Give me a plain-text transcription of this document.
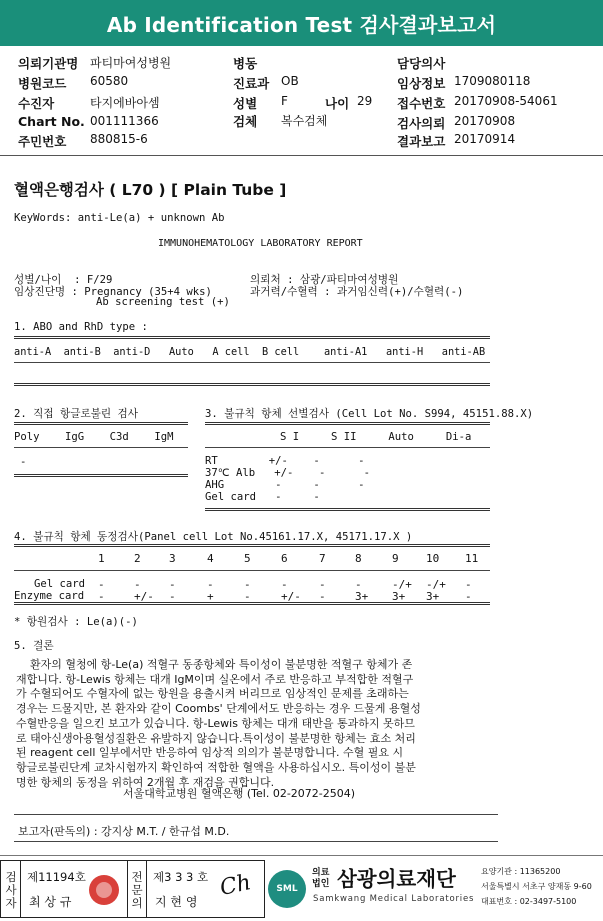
Ab Identification Test 검사결과보고서
의뢰기관명 파티마여성병원
병원코드 60580
수진자	타지에바아셈
Chart No. 001111366
주민번호 880815-6
병동
진료과 OB
성별 F	나이 29
검체 복수검체
담당의사
임상정보 1709080118
접수번호 20170908-54061
검사의뢰 20170908
결과보고 20170914
혈액은행검사 ( L70 ) [ Plain Tube ]
KeyWords: anti-Le(a) + unknown Ab
IMMUNOHEMATOLOGY LABORATORY REPORT
성별/나이  : F/29
임상진단명 : Pregnancy (35+4 wks)
Ab screening test (+)
의뢰처 : 삼광/파티마여성병원
과거력/수혈력 : 과거임신력(+)/수혈력(-)
1. ABO and RhD type :
anti-A  anti-B  anti-D   Auto   A cell  B cell    anti-A1   anti-H   anti-AB
2. 직접 항글로불린 검사
Poly    IgG    C3d    IgM
-
3. 불규칙 항체 선별검사 (Cell Lot No. S994, 45151.88.X)
S I     S II     Auto     Di-a
RT        +/-    -      -
37℃ Alb   +/-    -      -
AHG        -     -      -
Gel card   -     -
4. 불규칙 항체 동정검사(Panel cell Lot No.45161.17.X, 45171.17.X )
1	2	3	4	5	6	7	8	9 10 11
Gel card -	-	-	-	-	-	-	-	-/+ -/+ -
Enzyme card -	+/- -	+	-	+/- -	3+ 3+ 3+ -
* 항원검사 : Le(a)(-)
5. 결론
환자의 혈청에 항-Le(a) 적혈구 동종항체와 특이성이 불분명한 적혈구 항체가 존
재합니다. 항-Lewis 항체는 대개 IgM이며 실온에서 주로 반응하고 부적합한 적혈구
가 수혈되어도 수혈자에 없는 항원을 용출시켜 버리므로 임상적인 문제를 초래하는
경우는 드물지만, 본 환자와 같이 Coombs' 단계에서도 반응하는 경우 드물게 용혈성
수혈반응을 일으킨 보고가 있습니다. 항-Lewis 항체는 대개 태반을 통과하지 못하므
로 태아신생아용혈성질환은 유발하지 않습니다.특이성이 불분명한 항체는 효소 처리
된 reagent cell 일부에서만 반응하여 임상적 의의가 불분명합니다. 수혈 필요 시
항글로불린단계 교차시험까지 확인하여 적합한 혈액을 사용하십시오. 특이성이 불분
명한 항체의 동정을 위하여 2개월 후 재검을 권합니다.
서울대학교병원 혈액은행 (Tel. 02-2072-2504)
보고자(판독의) : 강지상 M.T. / 한규섭 M.D.
검사자
제11194호
최 상 규
전문의
제3 3 3 호
지 현 영
Ch	SML
의료
법인 삼광의료재단
Samkwang Medical Laboratories
요양기관 : 11365200
서울특별시 서초구 양재동 9-60
대표번호 : 02-3497-5100
